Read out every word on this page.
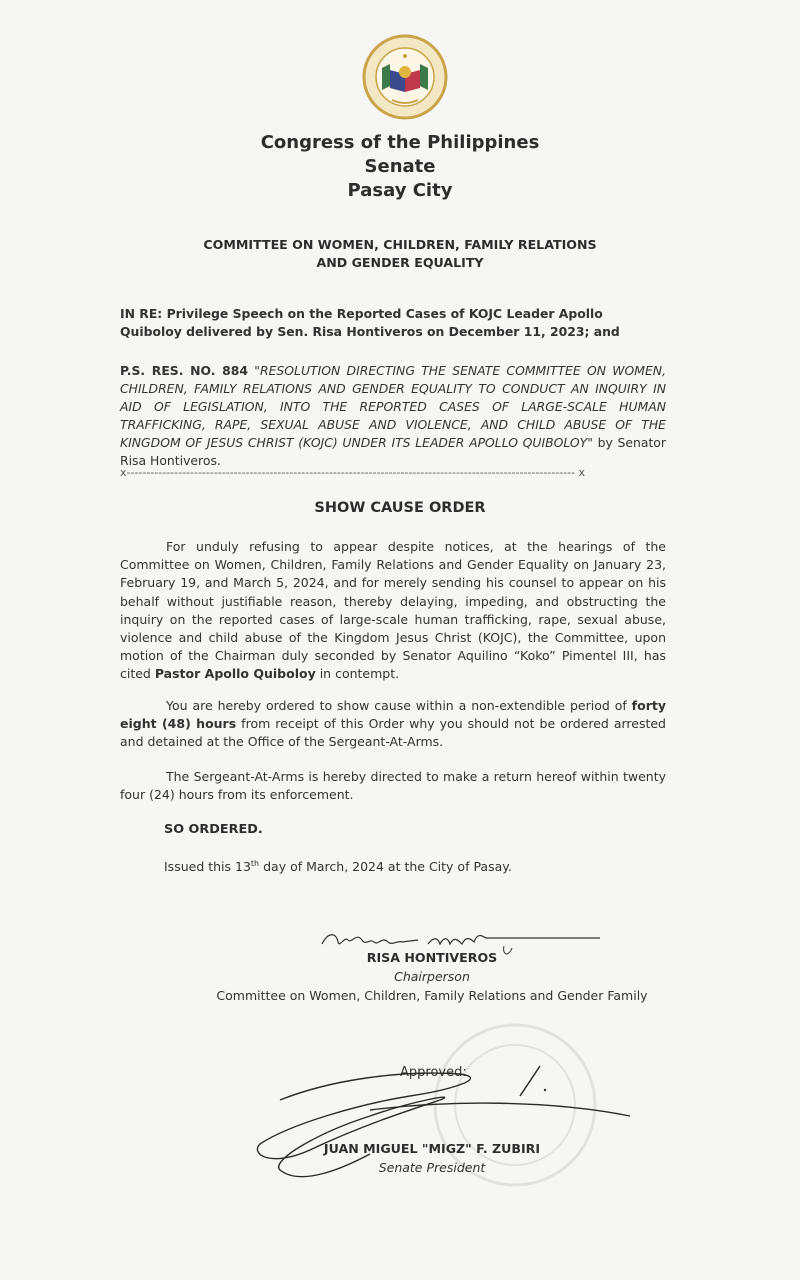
Congress of the Philippines
Senate
Pasay City
COMMITTEE ON WOMEN, CHILDREN, FAMILY RELATIONS
AND GENDER EQUALITY
IN RE: Privilege Speech on the Reported Cases of KOJC Leader Apollo Quiboloy delivered by Sen. Risa Hontiveros on December 11, 2023; and
P.S. RES. NO. 884 "RESOLUTION DIRECTING THE SENATE COMMITTEE ON WOMEN, CHILDREN, FAMILY RELATIONS AND GENDER EQUALITY TO CONDUCT AN INQUIRY IN AID OF LEGISLATION, INTO THE REPORTED CASES OF LARGE-SCALE HUMAN TRAFFICKING, RAPE, SEXUAL ABUSE AND VIOLENCE, AND CHILD ABUSE OF THE KINGDOM OF JESUS CHRIST (KOJC) UNDER ITS LEADER APOLLO QUIBOLOY" by Senator Risa Hontiveros.
x----------------------------------------------------------------------------------------------------------------- x
SHOW CAUSE ORDER
For unduly refusing to appear despite notices, at the hearings of the Committee on Women, Children, Family Relations and Gender Equality on January 23, February 19, and March 5, 2024, and for merely sending his counsel to appear on his behalf without justifiable reason, thereby delaying, impeding, and obstructing the inquiry on the reported cases of large-scale human trafficking, rape, sexual abuse, violence and child abuse of the Kingdom Jesus Christ (KOJC), the Committee, upon motion of the Chairman duly seconded by Senator Aquilino “Koko” Pimentel III, has cited Pastor Apollo Quiboloy in contempt.
You are hereby ordered to show cause within a non-extendible period of forty eight (48) hours from receipt of this Order why you should not be ordered arrested and detained at the Office of the Sergeant-At-Arms.
The Sergeant-At-Arms is hereby directed to make a return hereof within twenty four (24) hours from its enforcement.
SO ORDERED.
Issued this 13th day of March, 2024 at the City of Pasay.
RISA HONTIVEROS
Chairperson
Committee on Women, Children, Family Relations and Gender Family
Approved:
JUAN MIGUEL "MIGZ" F. ZUBIRI
Senate President
